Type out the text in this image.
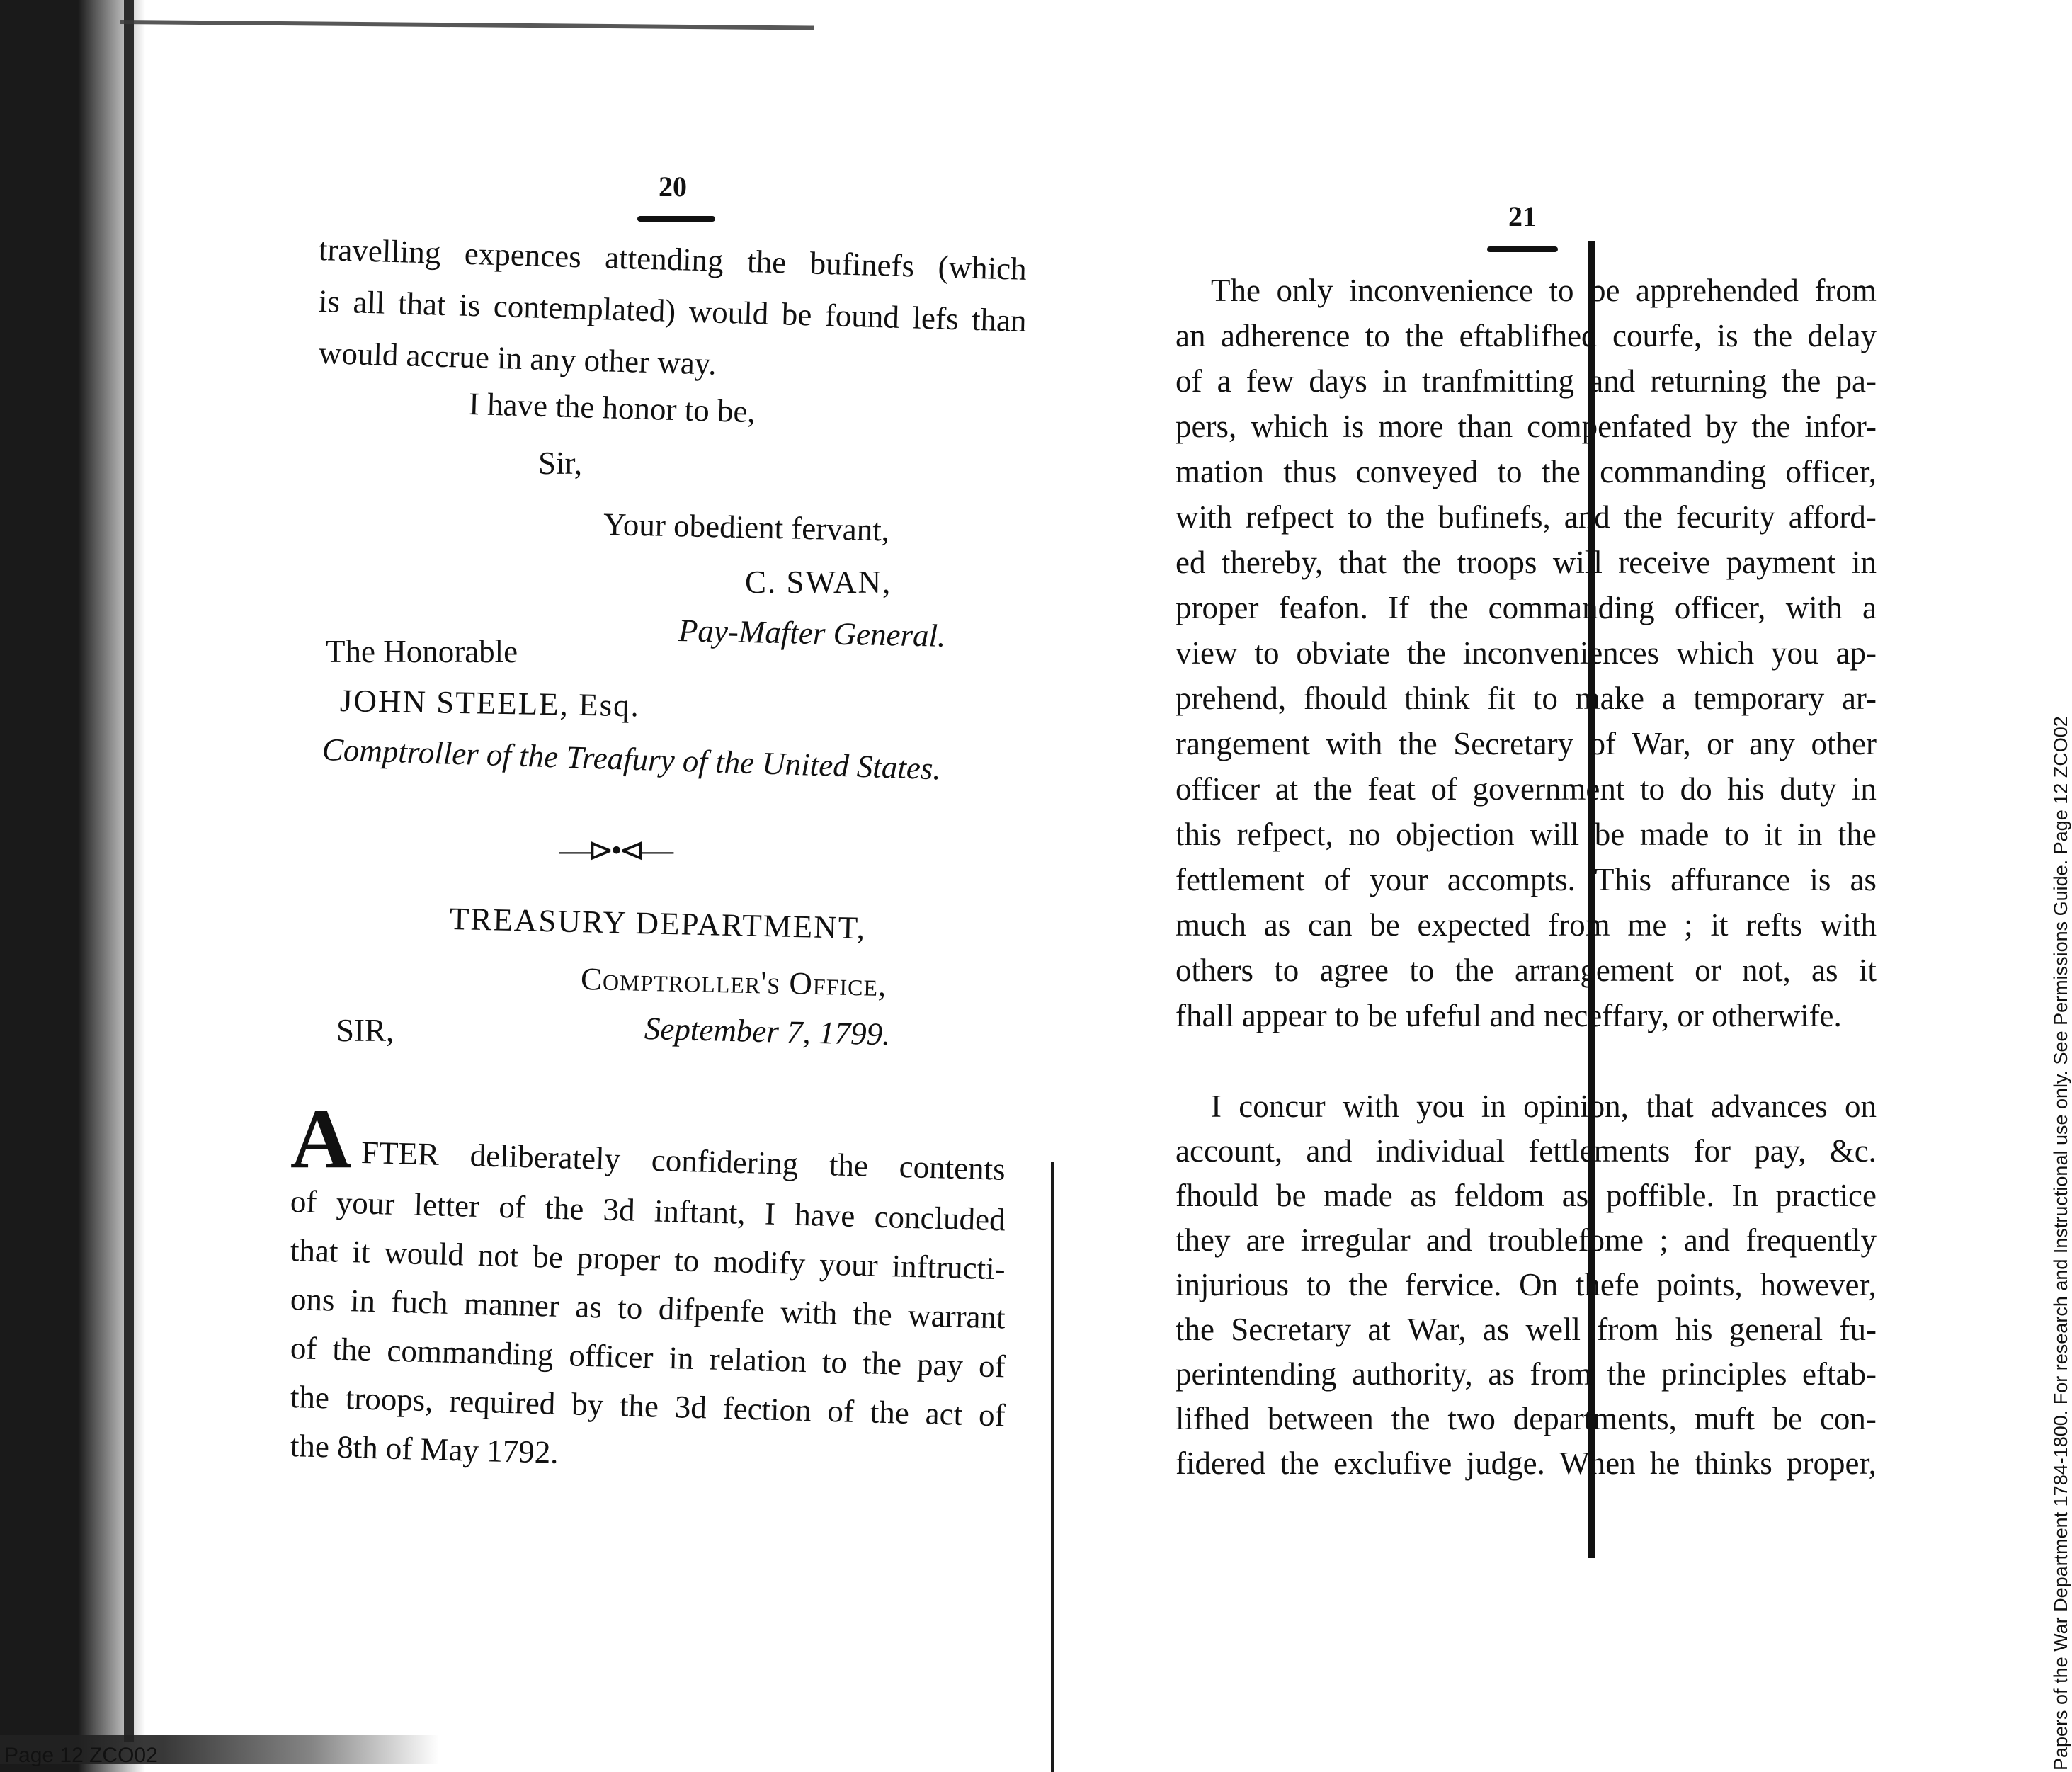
20
travelling expences attending the bufinefs (which
is all that is contemplated) would be found lefs than
would accrue in any other way.
I have the honor to be,
Sir,
Your obedient fervant,
C. SWAN,
Pay-Mafter General.
The Honorable
JOHN STEELE, Esq.
Comptroller of the Treafury of the United States.
—⊳•⊲—
TREASURY DEPARTMENT,
Comptroller's Office,
SIR,	September 7, 1799.
A FTER deliberately confidering the contents
of your letter of the 3d inftant, I have concluded
that it would not be proper to modify your inftructi-
ons in fuch manner as to difpenfe with the warrant
of the commanding officer in relation to the pay of
the troops, required by the 3d fection of the act of
the 8th of May 1792.
21
The only inconvenience to be apprehended from
an adherence to the eftablifhed courfe, is the delay
of a few days in tranfmitting and returning the pa-
pers, which is more than compenfated by the infor-
mation thus conveyed to the commanding officer,
with refpect to the bufinefs, and the fecurity afford-
ed thereby, that the troops will receive payment in
proper feafon. If the commanding officer, with a
view to obviate the inconveniences which you ap-
prehend, fhould think fit to make a temporary ar-
rangement with the Secretary of War, or any other
officer at the feat of government to do his duty in
this refpect, no objection will be made to it in the
fettlement of your accompts. This affurance is as
much as can be expected from me ; it refts with
others to agree to the arrangement or not, as it
fhall appear to be ufeful and neceffary, or otherwife.
I concur with you in opinion, that advances on
account, and individual fettlements for pay, &c.
fhould be made as feldom as poffible. In practice
they are irregular and troublefome ; and frequently
injurious to the fervice. On thefe points, however,
the Secretary at War, as well from his general fu-
perintending authority, as from the principles eftab-
lifhed between the two departments, muft be con-
fidered the exclufive judge. When he thinks proper,
Page 12 ZCO02	Papers of the War Department 1784-1800. For research and Instructional use only. See Permissions Guide. Page 12 ZCO02
